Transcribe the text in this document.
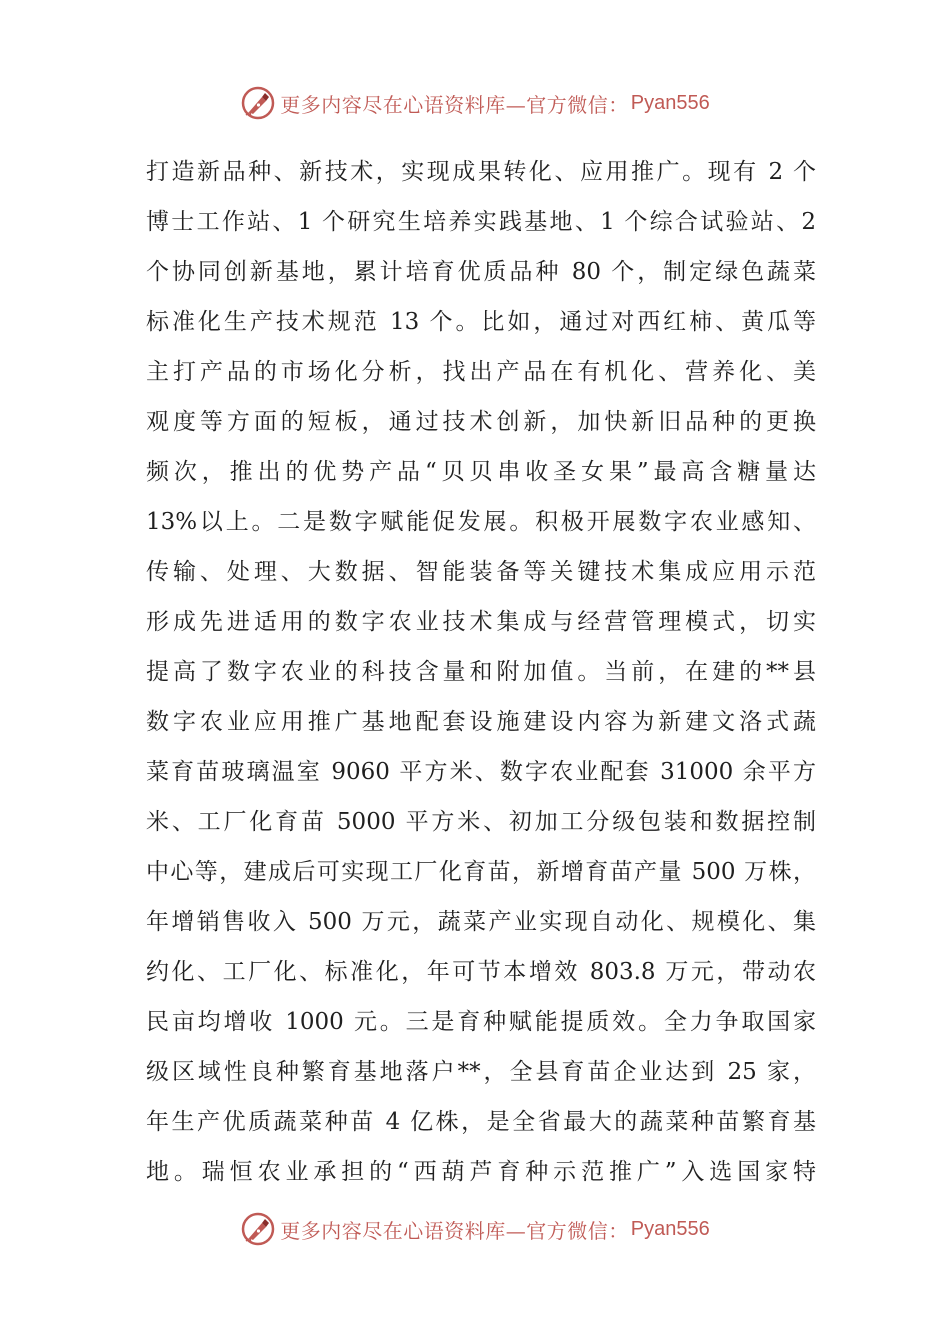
更多内容尽在心语资料库—官方微信： Pyan556
打造新品种、新技术，实现成果转化、应用推广。现有 2 个
博士工作站、1 个研究生培养实践基地、1 个综合试验站、2
个协同创新基地，累计培育优质品种 80 个，制定绿色蔬菜
标准化生产技术规范 13 个。比如，通过对西红柿、黄瓜等
主打产品的市场化分析，找出产品在有机化、营养化、美
观度等方面的短板，通过技术创新，加快新旧品种的更换
频次，推出的优势产品“贝贝串收圣女果”最高含糖量达
13%以上。二是数字赋能促发展。积极开展数字农业感知、
传输、处理、大数据、智能装备等关键技术集成应用示范
形成先进适用的数字农业技术集成与经营管理模式，切实
提高了数字农业的科技含量和附加值。当前，在建的**县
数字农业应用推广基地配套设施建设内容为新建文洛式蔬
菜育苗玻璃温室 9060 平方米、数字农业配套 31000 余平方
米、工厂化育苗 5000 平方米、初加工分级包装和数据控制
中心等，建成后可实现工厂化育苗，新增育苗产量 500 万株，
年增销售收入 500 万元，蔬菜产业实现自动化、规模化、集
约化、工厂化、标准化，年可节本增效 803.8 万元，带动农
民亩均增收 1000 元。三是育种赋能提质效。全力争取国家
级区域性良种繁育基地落户**，全县育苗企业达到 25 家，
年生产优质蔬菜种苗 4 亿株，是全省最大的蔬菜种苗繁育基
地。瑞恒农业承担的“西葫芦育种示范推广”入选国家特
更多内容尽在心语资料库—官方微信： Pyan556
